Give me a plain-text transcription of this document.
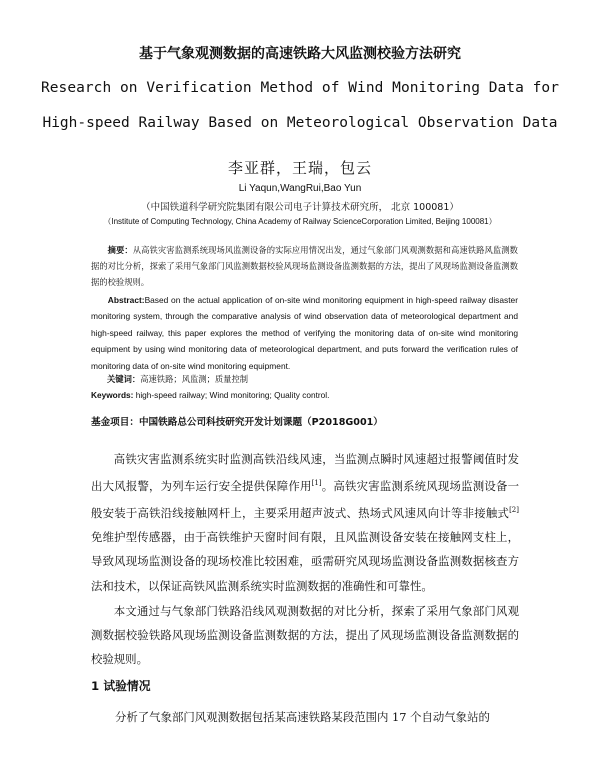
基于气象观测数据的高速铁路大风监测校验方法研究
Research on Verification Method of Wind Monitoring Data for
High-speed Railway Based on Meteorological Observation Data
李亚群，王瑞，包云
Li Yaqun,WangRui,Bao Yun
（中国铁道科学研究院集团有限公司电子计算技术研究所， 北京 100081）
（Institute of Computing Technology, China Academy of Railway ScienceCorporation Limited, Beijing 100081）
摘要：从高铁灾害监测系统现场风监测设备的实际应用情况出发，通过气象部门风观测数据和高速铁路风监测数据的对比分析，探索了采用气象部门风监测数据校验风现场监测设备监测数据的方法，提出了风现场监测设备监测数据的校验规则。
Abstract:Based on the actual application of on-site wind monitoring equipment in high-speed railway disaster monitoring system, through the comparative analysis of wind observation data of meteorological department and high-speed railway, this paper explores the method of verifying the monitoring data of on-site wind monitoring equipment by using wind monitoring data of meteorological department, and puts forward the verification rules of monitoring data of on-site wind monitoring equipment.
关键词：高速铁路；风监测；质量控制
Keywords: high-speed railway; Wind monitoring; Quality control.
基金项目：中国铁路总公司科技研究开发计划课题（P2018G001）
高铁灾害监测系统实时监测高铁沿线风速，当监测点瞬时风速超过报警阈值时发出大风报警，为列车运行安全提供保障作用[1]。高铁灾害监测系统风现场监测设备一般安装于高铁沿线接触网杆上，主要采用超声波式、热场式风速风向计等非接触式[2]免维护型传感器，由于高铁维护天窗时间有限，且风监测设备安装在接触网支柱上，导致风现场监测设备的现场校准比较困难，亟需研究风现场监测设备监测数据核查方法和技术，以保证高铁风监测系统实时监测数据的准确性和可靠性。
本文通过与气象部门铁路沿线风观测数据的对比分析，探索了采用气象部门风观测数据校验铁路风现场监测设备监测数据的方法，提出了风现场监测设备监测数据的校验规则。
1 试验情况
分析了气象部门风观测数据包括某高速铁路某段范围内 17 个自动气象站的
